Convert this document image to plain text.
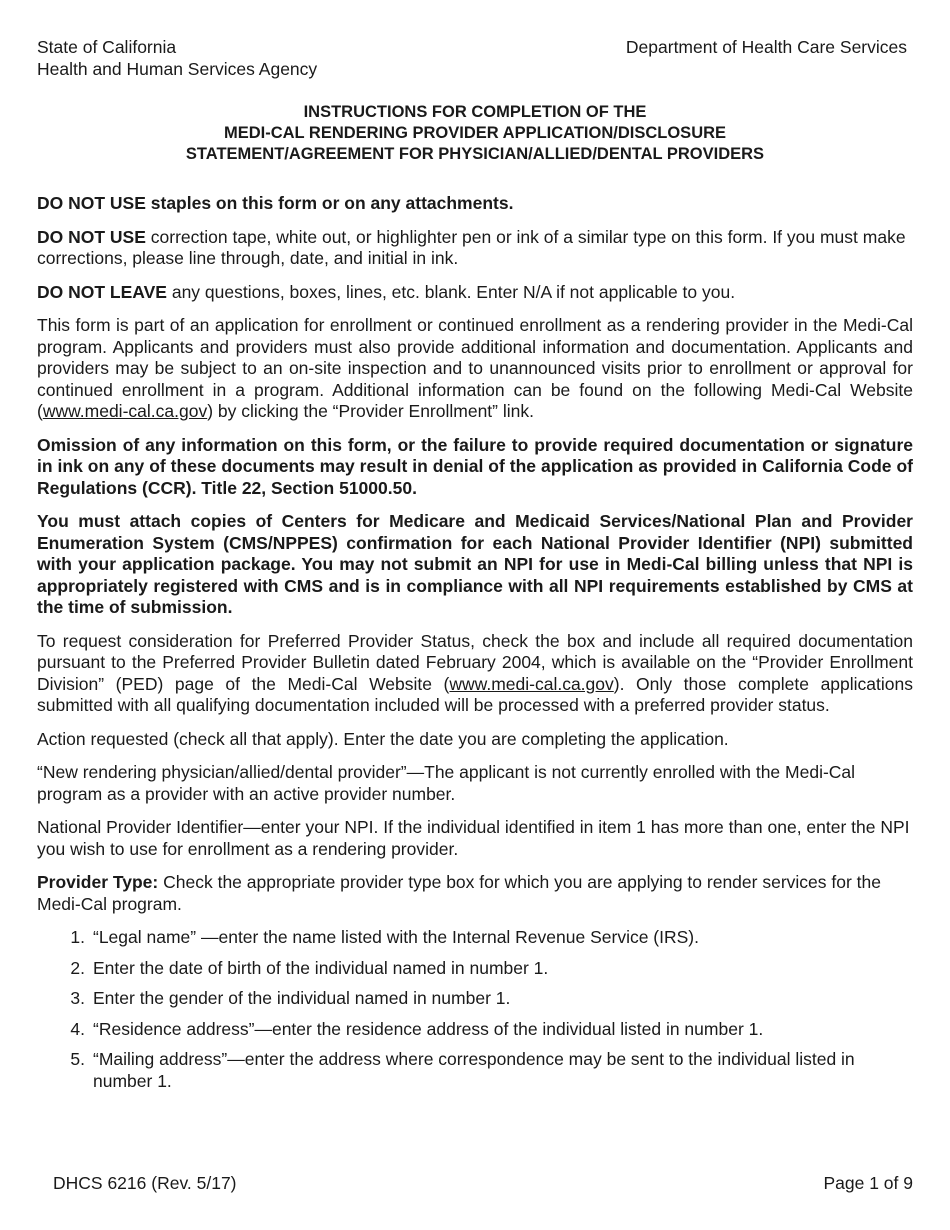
State of California
Health and Human Services Agency
Department of Health Care Services
INSTRUCTIONS FOR COMPLETION OF THE
MEDI-CAL RENDERING PROVIDER APPLICATION/DISCLOSURE
STATEMENT/AGREEMENT FOR PHYSICIAN/ALLIED/DENTAL PROVIDERS

DO NOT USE staples on this form or on any attachments.

DO NOT USE correction tape, white out, or highlighter pen or ink of a similar type on this form. If you must make corrections, please line through, date, and initial in ink.

DO NOT LEAVE any questions, boxes, lines, etc. blank. Enter N/A if not applicable to you.

This form is part of an application for enrollment or continued enrollment as a rendering provider in the Medi-Cal program. Applicants and providers must also provide additional information and documentation. Applicants and providers may be subject to an on-site inspection and to unannounced visits prior to enrollment or approval for continued enrollment in a program. Additional information can be found on the following Medi-Cal Website (www.medi-cal.ca.gov) by clicking the “Provider Enrollment” link.

Omission of any information on this form, or the failure to provide required documentation or signature in ink on any of these documents may result in denial of the application as provided in California Code of Regulations (CCR). Title 22, Section 51000.50.

You must attach copies of Centers for Medicare and Medicaid Services/National Plan and Provider Enumeration System (CMS/NPPES) confirmation for each National Provider Identifier (NPI) submitted with your application package. You may not submit an NPI for use in Medi-Cal billing unless that NPI is appropriately registered with CMS and is in compliance with all NPI requirements established by CMS at the time of submission.

To request consideration for Preferred Provider Status, check the box and include all required documentation pursuant to the Preferred Provider Bulletin dated February 2004, which is available on the “Provider Enrollment Division” (PED) page of the Medi-Cal Website (www.medi-cal.ca.gov). Only those complete applications submitted with all qualifying documentation included will be processed with a preferred provider status.

Action requested (check all that apply). Enter the date you are completing the application.

“New rendering physician/allied/dental provider”—The applicant is not currently enrolled with the Medi-Cal program as a provider with an active provider number.

National Provider Identifier—enter your NPI. If the individual identified in item 1 has more than one, enter the NPI you wish to use for enrollment as a rendering provider.

Provider Type: Check the appropriate provider type box for which you are applying to render services for the Medi-Cal program.

1. “Legal name” —enter the name listed with the Internal Revenue Service (IRS).
2. Enter the date of birth of the individual named in number 1.
3. Enter the gender of the individual named in number 1.
4. “Residence address”—enter the residence address of the individual listed in number 1.
5. “Mailing address”—enter the address where correspondence may be sent to the individual listed in number 1.
DHCS 6216 (Rev. 5/17)	Page 1 of 9
